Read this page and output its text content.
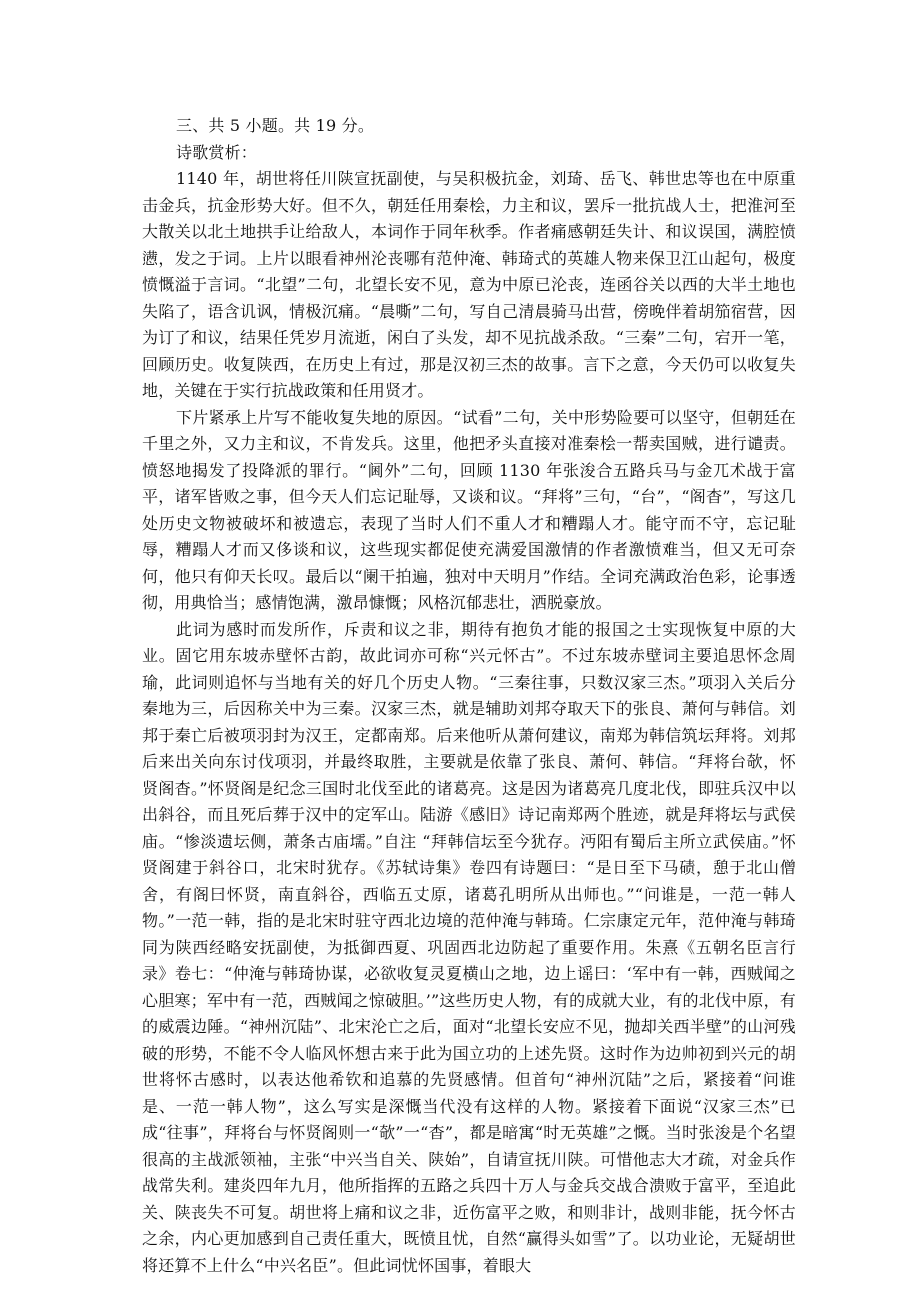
三、共 5 小题。共 19 分。

诗歌赏析：

1140 年，胡世将任川陕宣抚副使，与吴积极抗金，刘琦、岳飞、韩世忠等也在中原重击金兵，抗金形势大好。但不久，朝廷任用秦桧，力主和议，罢斥一批抗战人士，把淮河至大散关以北土地拱手让给敌人，本词作于同年秋季。作者痛感朝廷失计、和议误国，满腔愤懑，发之于词。上片以眼看神州沦丧哪有范仲淹、韩琦式的英雄人物来保卫江山起句，极度愤慨溢于言词。“北望”二句，北望长安不见，意为中原已沦丧，连函谷关以西的大半土地也失陷了，语含讥讽，情极沉痛。“晨嘶”二句，写自己清晨骑马出营，傍晚伴着胡笳宿营，因为订了和议，结果任凭岁月流逝，闲白了头发，却不见抗战杀敌。“三秦”二句，宕开一笔，回顾历史。收复陕西，在历史上有过，那是汉初三杰的故事。言下之意，今天仍可以收复失地，关键在于实行抗战政策和任用贤才。

下片紧承上片写不能收复失地的原因。“试看”二句，关中形势险要可以坚守，但朝廷在千里之外，又力主和议，不肯发兵。这里，他把矛头直接对准秦桧一帮卖国贼，进行谴责。愤怒地揭发了投降派的罪行。“阃外”二句，回顾 1130 年张浚合五路兵马与金兀术战于富平，诸军皆败之事，但今天人们忘记耻辱，又谈和议。“拜将”三句，“台”，“阁杳”，写这几处历史文物被破坏和被遗忘，表现了当时人们不重人才和糟蹋人才。能守而不守，忘记耻辱，糟蹋人才而又侈谈和议，这些现实都促使充满爱国激情的作者激愤难当，但又无可奈何，他只有仰天长叹。最后以“阑干拍遍，独对中天明月”作结。全词充满政治色彩，论事透彻，用典恰当；感情饱满，激昂慷慨；风格沉郁悲壮，洒脱豪放。

此词为感时而发所作，斥责和议之非，期待有抱负才能的报国之士实现恢复中原的大业。固它用东坡赤壁怀古韵，故此词亦可称“兴元怀古”。不过东坡赤壁词主要追思怀念周瑜，此词则追怀与当地有关的好几个历史人物。“三秦往事，只数汉家三杰。”项羽入关后分秦地为三，后因称关中为三秦。汉家三杰，就是辅助刘邦夺取天下的张良、萧何与韩信。刘邦于秦亡后被项羽封为汉王，定都南郑。后来他听从萧何建议，南郑为韩信筑坛拜将。刘邦后来出关向东讨伐项羽，并最终取胜，主要就是依靠了张良、萧何、韩信。“拜将台欹，怀贤阁杳。”怀贤阁是纪念三国时北伐至此的诸葛亮。这是因为诸葛亮几度北伐，即驻兵汉中以出斜谷，而且死后葬于汉中的定军山。陆游《感旧》诗记南郑两个胜迹，就是拜将坛与武侯庙。“惨淡遗坛侧，萧条古庙壖。”自注 “拜韩信坛至今犹存。沔阳有蜀后主所立武侯庙。”怀贤阁建于斜谷口，北宋时犹存。《苏轼诗集》卷四有诗题曰：“是日至下马碛，憩于北山僧舍，有阁曰怀贤，南直斜谷，西临五丈原，诸葛孔明所从出师也。”“问谁是，一范一韩人物。”一范一韩，指的是北宋时驻守西北边境的范仲淹与韩琦。仁宗康定元年，范仲淹与韩琦同为陕西经略安抚副使，为抵御西夏、巩固西北边防起了重要作用。朱熹《五朝名臣言行录》卷七：“仲淹与韩琦协谋，必欲收复灵夏横山之地，边上谣曰：‘军中有一韩，西贼闻之心胆寒；军中有一范，西贼闻之惊破胆。’”这些历史人物，有的成就大业，有的北伐中原，有的威震边陲。“神州沉陆”、北宋沦亡之后，面对“北望长安应不见，抛却关西半壁”的山河残破的形势，不能不令人临风怀想古来于此为国立功的上述先贤。这时作为边帅初到兴元的胡世将怀古感时，以表达他希钦和追慕的先贤感情。但首句“神州沉陆”之后，紧接着“问谁是、一范一韩人物”，这么写实是深慨当代没有这样的人物。紧接着下面说“汉家三杰”已成“往事”，拜将台与怀贤阁则一“欹”一“杳”，都是暗寓“时无英雄”之慨。当时张浚是个名望很高的主战派领袖，主张“中兴当自关、陕始”，自请宣抚川陕。可惜他志大才疏，对金兵作战常失利。建炎四年九月，他所指挥的五路之兵四十万人与金兵交战合溃败于富平，至追此关、陕丧失不可复。胡世将上痛和议之非，近伤富平之败，和则非计，战则非能，抚今怀古之余，内心更加感到自己责任重大，既愤且忧，自然“赢得头如雪”了。以功业论，无疑胡世将还算不上什么“中兴名臣”。但此词忧怀国事，着眼大
